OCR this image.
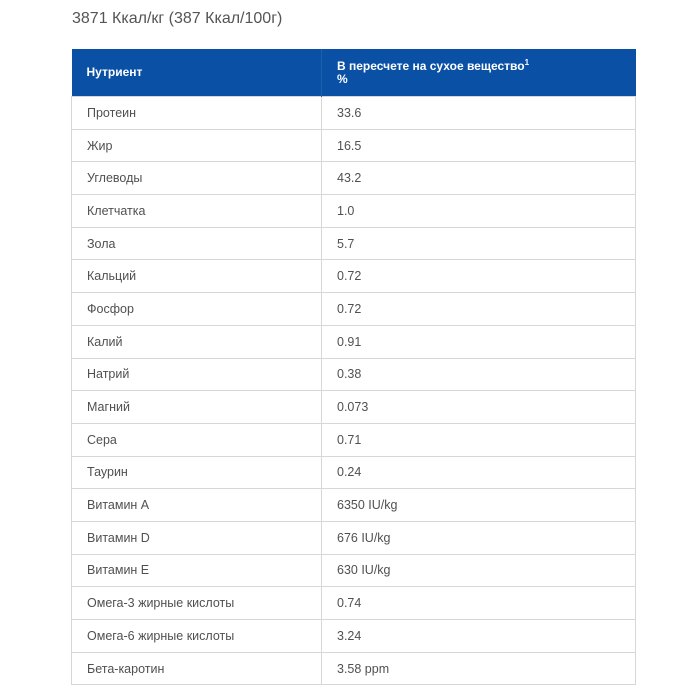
3871 Ккал/кг (387 Ккал/100г)
Нутриент	В пересчете на сухое вещество$^1$
%
Протеин	33.6
Жир	16.5
Углеводы	43.2
Клетчатка	1.0
Зола	5.7
Кальций	0.72
Фосфор	0.72
Калий	0.91
Натрий	0.38
Магний	0.073
Сера	0.71
Таурин	0.24
Витамин А	6350 IU/kg
Витамин D	676 IU/kg
Витамин Е	630 IU/kg
Омега-3 жирные кислоты	0.74
Омега-6 жирные кислоты	3.24
Бета-каротин	3.58 ppm
